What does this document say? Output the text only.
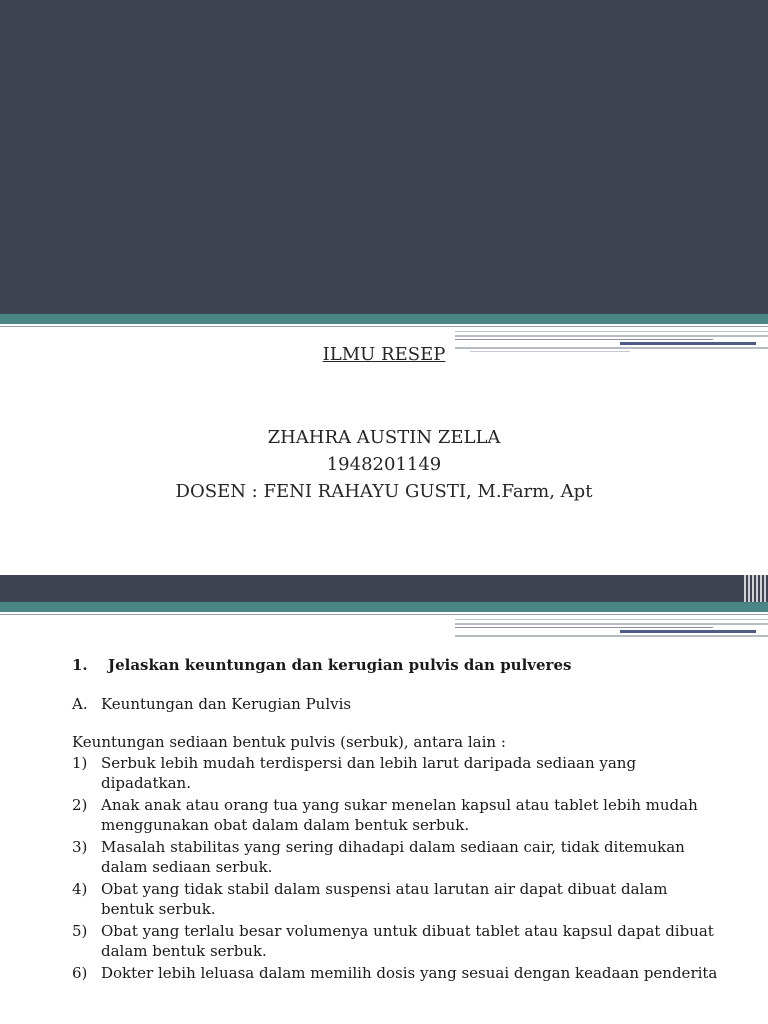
ILMU RESEP
ZHAHRA AUSTIN ZELLA
1948201149
DOSEN : FENI RAHAYU GUSTI, M.Farm, Apt
1.	Jelaskan keuntungan dan kerugian pulvis dan pulveres
A. Keuntungan dan Kerugian Pulvis
Keuntungan sediaan bentuk pulvis (serbuk), antara lain :
1) Serbuk lebih mudah terdispersi dan lebih larut daripada sediaan yang dipadatkan.
2) Anak anak atau orang tua yang sukar menelan kapsul atau tablet lebih mudah menggunakan obat dalam dalam bentuk serbuk.
3) Masalah stabilitas yang sering dihadapi dalam sediaan cair, tidak ditemukan dalam sediaan serbuk.
4) Obat yang tidak stabil dalam suspensi atau larutan air dapat dibuat dalam bentuk serbuk.
5) Obat yang terlalu besar volumenya untuk dibuat tablet atau kapsul dapat dibuat dalam bentuk serbuk.
6) Dokter lebih leluasa dalam memilih dosis yang sesuai dengan keadaan penderita
